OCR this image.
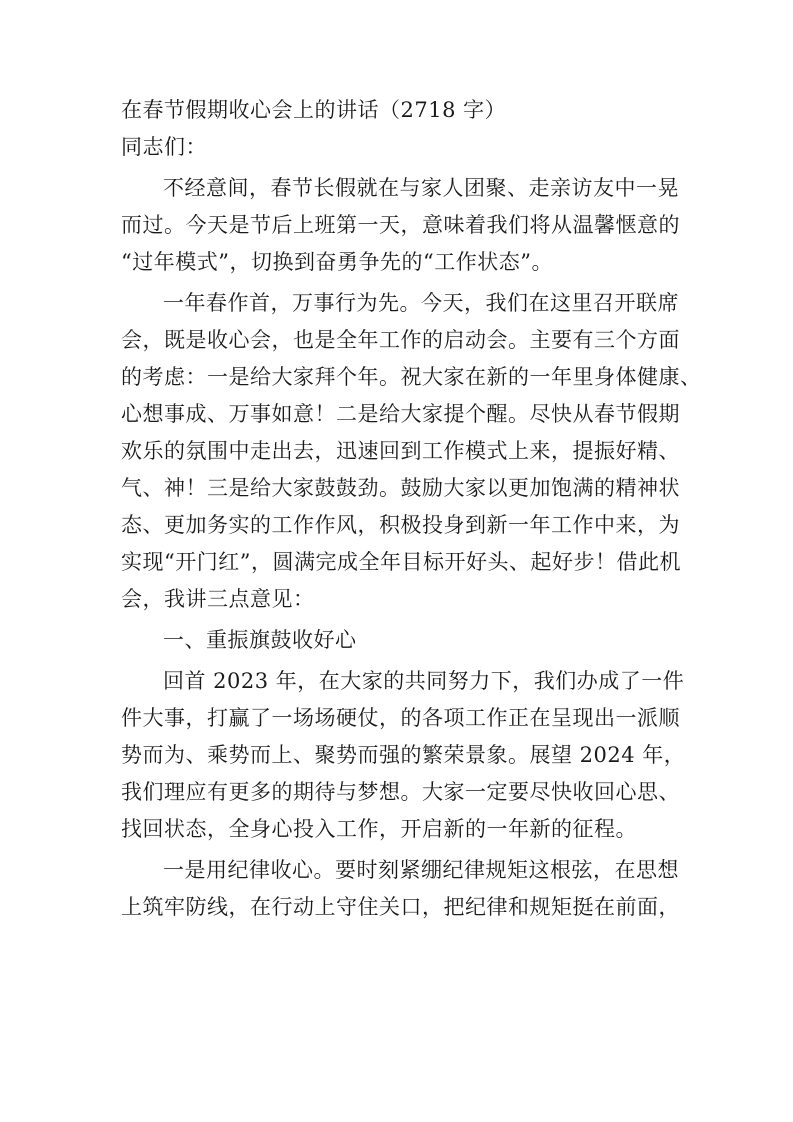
在春节假期收心会上的讲话（2718 字）

同志们：

不经意间，春节长假就在与家人团聚、走亲访友中一晃
而过。今天是节后上班第一天，意味着我们将从温馨惬意的
“过年模式”，切换到奋勇争先的“工作状态”。

一年春作首，万事行为先。今天，我们在这里召开联席
会，既是收心会，也是全年工作的启动会。主要有三个方面
的考虑：一是给大家拜个年。祝大家在新的一年里身体健康、
心想事成、万事如意！二是给大家提个醒。尽快从春节假期
欢乐的氛围中走出去，迅速回到工作模式上来，提振好精、
气、神！三是给大家鼓鼓劲。鼓励大家以更加饱满的精神状
态、更加务实的工作作风，积极投身到新一年工作中来，为
实现“开门红”，圆满完成全年目标开好头、起好步！借此机
会，我讲三点意见：

一、重振旗鼓收好心

回首 2023 年，在大家的共同努力下，我们办成了一件
件大事，打赢了一场场硬仗，的各项工作正在呈现出一派顺
势而为、乘势而上、聚势而强的繁荣景象。展望 2024 年，
我们理应有更多的期待与梦想。大家一定要尽快收回心思、
找回状态，全身心投入工作，开启新的一年新的征程。

一是用纪律收心。要时刻紧绷纪律规矩这根弦，在思想
上筑牢防线，在行动上守住关口，把纪律和规矩挺在前面，
